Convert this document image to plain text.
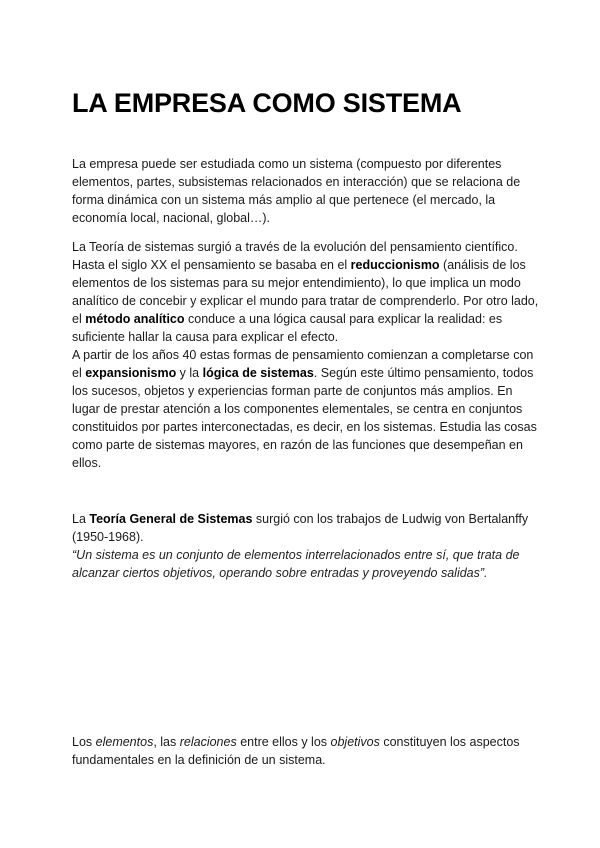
LA EMPRESA COMO SISTEMA

La empresa puede ser estudiada como un sistema (compuesto por diferentes elementos, partes, subsistemas relacionados en interacción) que se relaciona de forma dinámica con un sistema más amplio al que pertenece (el mercado, la economía local, nacional, global…).

La Teoría de sistemas surgió a través de la evolución del pensamiento científico. Hasta el siglo XX el pensamiento se basaba en el reduccionismo (análisis de los elementos de los sistemas para su mejor entendimiento), lo que implica un modo analítico de concebir y explicar el mundo para tratar de comprenderlo. Por otro lado, el método analítico conduce a una lógica causal para explicar la realidad: es suficiente hallar la causa para explicar el efecto.

A partir de los años 40 estas formas de pensamiento comienzan a completarse con el expansionismo y la lógica de sistemas. Según este último pensamiento, todos los sucesos, objetos y experiencias forman parte de conjuntos más amplios. En lugar de prestar atención a los componentes elementales, se centra en conjuntos constituidos por partes interconectadas, es decir, en los sistemas. Estudia las cosas como parte de sistemas mayores, en razón de las funciones que desempeñan en ellos.

La Teoría General de Sistemas surgió con los trabajos de Ludwig von Bertalanffy (1950-1968).
“Un sistema es un conjunto de elementos interrelacionados entre sí, que trata de alcanzar ciertos objetivos, operando sobre entradas y proveyendo salidas”.

Los elementos, las relaciones entre ellos y los objetivos constituyen los aspectos fundamentales en la definición de un sistema.
